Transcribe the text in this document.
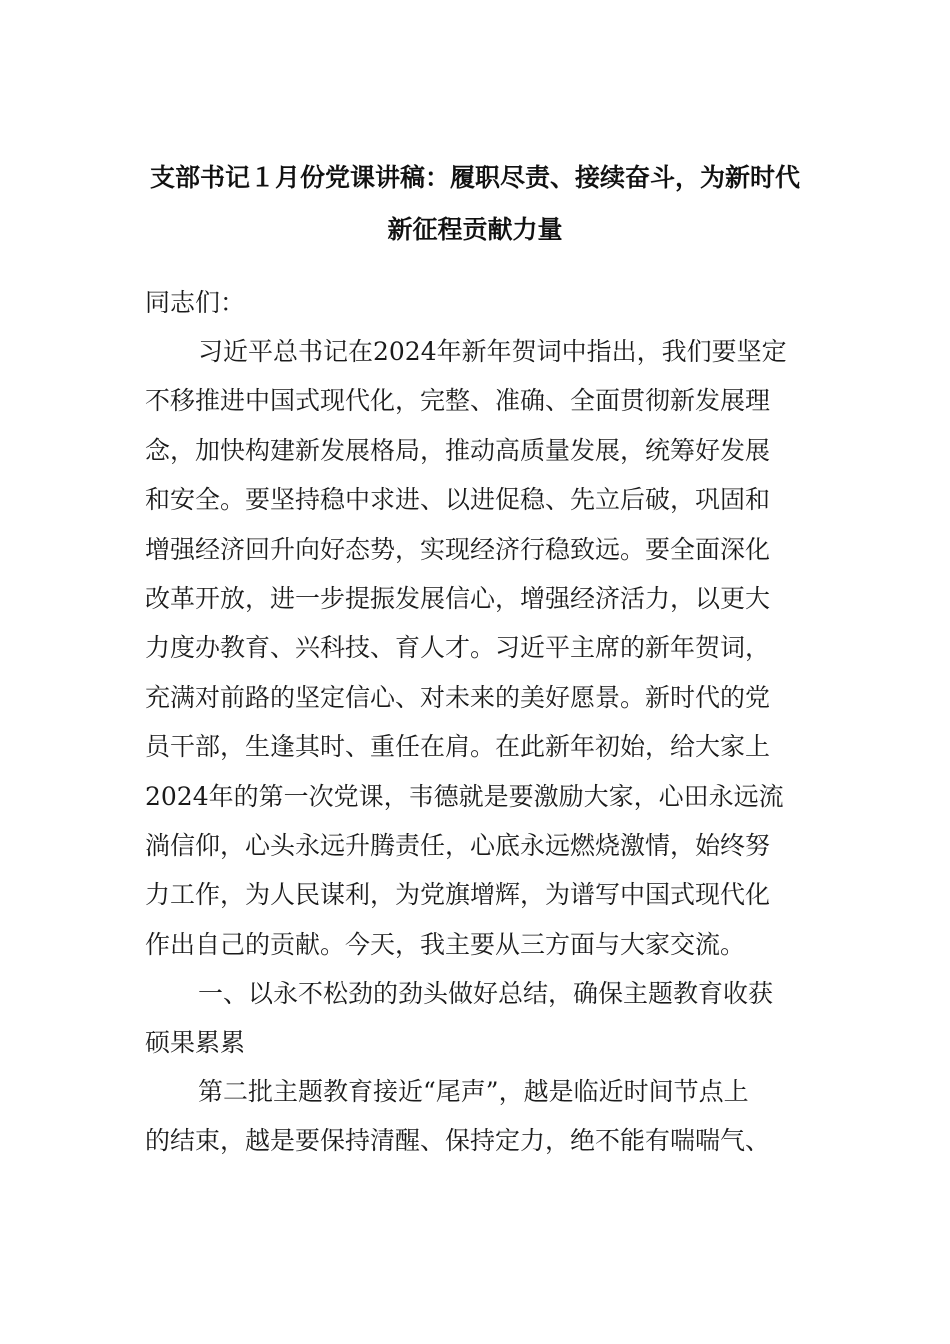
支部书记１月份党课讲稿：履职尽责、接续奋斗，为新时代
新征程贡献力量
同志们：
习近平总书记在2024年新年贺词中指出，我们要坚定
不移推进中国式现代化，完整、准确、全面贯彻新发展理
念，加快构建新发展格局，推动高质量发展，统筹好发展
和安全。要坚持稳中求进、以进促稳、先立后破，巩固和
增强经济回升向好态势，实现经济行稳致远。要全面深化
改革开放，进一步提振发展信心，增强经济活力，以更大
力度办教育、兴科技、育人才。习近平主席的新年贺词，
充满对前路的坚定信心、对未来的美好愿景。新时代的党
员干部，生逢其时、重任在肩。在此新年初始，给大家上
2024年的第一次党课，韦德就是要激励大家，心田永远流
淌信仰，心头永远升腾责任，心底永远燃烧激情，始终努
力工作，为人民谋利，为党旗增辉，为谱写中国式现代化
作出自己的贡献。今天，我主要从三方面与大家交流。
一、以永不松劲的劲头做好总结，确保主题教育收获
硕果累累
第二批主题教育接近“尾声”，越是临近时间节点上
的结束，越是要保持清醒、保持定力，绝不能有喘喘气、
